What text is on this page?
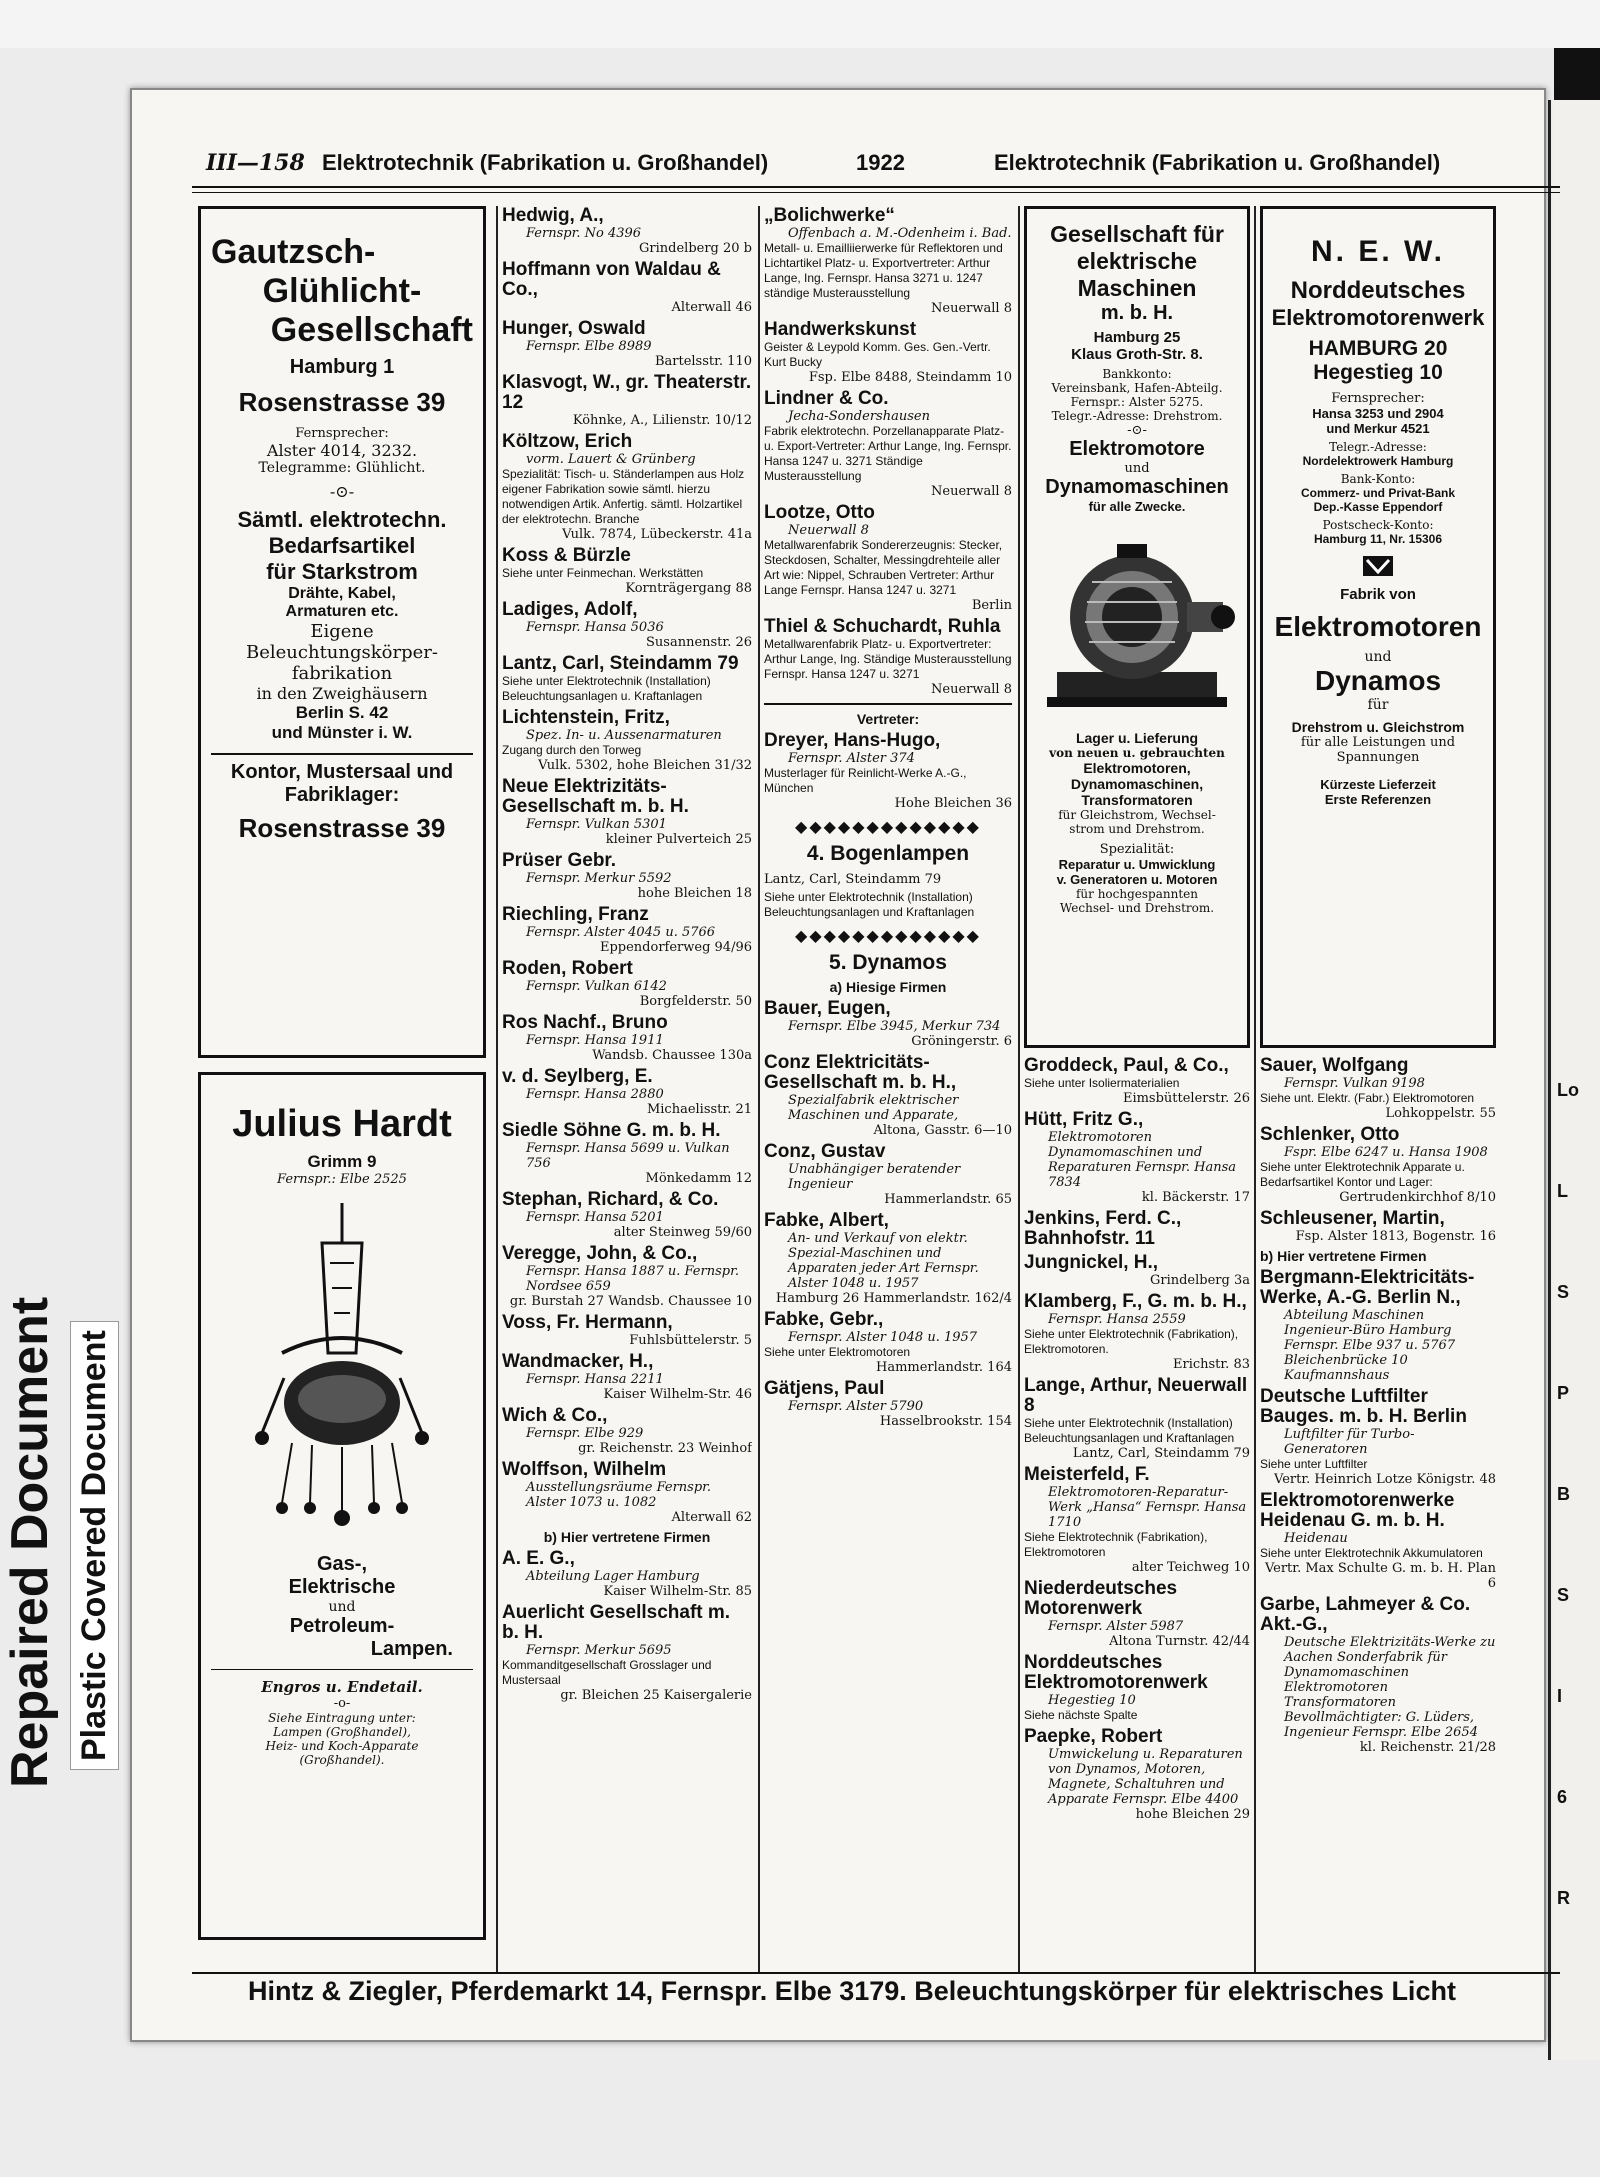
Repaired Document Plastic Covered Document
Lo
L
S
P
B
S
I
6
R
III—158 Elektrotechnik (Fabrikation u. Großhandel)	1922	Elektrotechnik (Fabrikation u. Großhandel)
Gautzsch-
Glühlicht-
Gesellschaft
Hamburg 1
Rosenstrasse 39
Fernsprecher:
Alster 4014, 3232.
Telegramme: Glühlicht.
-⊙-
Sämtl. elektrotechn.
Bedarfsartikel
für Starkstrom
Drähte, Kabel,
Armaturen etc.
Eigene
Beleuchtungskörper-
fabrikation
in den Zweighäusern
Berlin S. 42
und Münster i. W.
Kontor, Mustersaal und
Fabriklager:
Rosenstrasse 39
Julius Hardt
Grimm 9
Fernspr.: Elbe 2525
Gas-,
Elektrische
und
Petroleum-
Lampen.
Engros u. Endetail.
-o-
Siehe Eintragung unter:
Lampen (Großhandel),
Heiz- und Koch-Apparate
(Großhandel).
Hedwig, A.,
Fernspr. No 4396
Grindelberg 20 b
Hoffmann von Waldau & Co.,
Alterwall 46
Hunger, Oswald
Fernspr. Elbe 8989
Bartelsstr. 110
Klasvogt, W., gr. Theaterstr. 12
Köhnke, A., Lilienstr. 10/12
Költzow, Erich
vorm. Lauert & Grünberg
Spezialität: Tisch- u. Ständerlampen aus Holz eigener Fabrikation sowie sämtl. hierzu notwendigen Artik. Anfertig. sämtl. Holzartikel der elektrotechn. Branche
Vulk. 7874, Lübeckerstr. 41a
Koss & Bürzle
Siehe unter Feinmechan. Werkstätten
Kornträgergang 88
Ladiges, Adolf,
Fernspr. Hansa 5036
Susannenstr. 26
Lantz, Carl, Steindamm 79
Siehe unter Elektrotechnik (Installation) Beleuchtungsanlagen u. Kraftanlagen
Lichtenstein, Fritz,
Spez. In- u. Aussenarmaturen
Zugang durch den Torweg
Vulk. 5302, hohe Bleichen 31/32
Neue Elektrizitäts-Gesellschaft m. b. H.
Fernspr. Vulkan 5301
kleiner Pulverteich 25
Prüser Gebr.
Fernspr. Merkur 5592
hohe Bleichen 18
Riechling, Franz
Fernspr. Alster 4045 u. 5766
Eppendorferweg 94/96
Roden, Robert
Fernspr. Vulkan 6142
Borgfelderstr. 50
Ros Nachf., Bruno
Fernspr. Hansa 1911
Wandsb. Chaussee 130a
v. d. Seylberg, E.
Fernspr. Hansa 2880
Michaelisstr. 21
Siedle Söhne G. m. b. H.
Fernspr. Hansa 5699 u. Vulkan 756
Mönkedamm 12
Stephan, Richard, & Co.
Fernspr. Hansa 5201
alter Steinweg 59/60
Veregge, John, & Co.,
Fernspr. Hansa 1887 u. Fernspr. Nordsee 659
gr. Burstah 27 Wandsb. Chaussee 10
Voss, Fr. Hermann,
Fuhlsbüttelerstr. 5
Wandmacker, H.,
Fernspr. Hansa 2211
Kaiser Wilhelm-Str. 46
Wich & Co.,
Fernspr. Elbe 929
gr. Reichenstr. 23 Weinhof
Wolffson, Wilhelm
Ausstellungsräume Fernspr. Alster 1073 u. 1082
Alterwall 62
b) Hier vertretene Firmen
A. E. G.,
Abteilung Lager Hamburg
Kaiser Wilhelm-Str. 85
Auerlicht Gesellschaft m. b. H.
Fernspr. Merkur 5695
Kommanditgesellschaft Grosslager und Mustersaal
gr. Bleichen 25 Kaisergalerie
„Bolichwerke“
Offenbach a. M.-Odenheim i. Bad.
Metall- u. Emailliierwerke für Reflektoren und Lichtartikel Platz- u. Exportvertreter: Arthur Lange, Ing. Fernspr. Hansa 3271 u. 1247 ständige Musterausstellung
Neuerwall 8
Handwerkskunst
Geister & Leypold Komm. Ges. Gen.-Vertr. Kurt Bucky
Fsp. Elbe 8488, Steindamm 10
Lindner & Co.
Jecha-Sondershausen
Fabrik elektrotechn. Porzellanapparate Platz- u. Export-Vertreter: Arthur Lange, Ing. Fernspr. Hansa 1247 u. 3271 Ständige Musterausstellung
Neuerwall 8
Lootze, Otto
Neuerwall 8
Metallwarenfabrik Sondererzeugnis: Stecker, Steckdosen, Schalter, Messingdrehteile aller Art wie: Nippel, Schrauben Vertreter: Arthur Lange Fernspr. Hansa 1247 u. 3271
Berlin
Thiel & Schuchardt, Ruhla
Metallwarenfabrik Platz- u. Exportvertreter: Arthur Lange, Ing. Ständige Musterausstellung Fernspr. Hansa 1247 u. 3271
Neuerwall 8
Vertreter:
Dreyer, Hans-Hugo,
Fernspr. Alster 374
Musterlager für Reinlicht-Werke A.-G., München
Hohe Bleichen 36
◆◆◆◆◆◆◆◆◆◆◆◆◆
4. Bogenlampen
Lantz, Carl, Steindamm 79
Siehe unter Elektrotechnik (Installation) Beleuchtungsanlagen und Kraftanlagen
◆◆◆◆◆◆◆◆◆◆◆◆◆
5. Dynamos
a) Hiesige Firmen
Bauer, Eugen,
Fernspr. Elbe 3945, Merkur 734
Gröningerstr. 6
Conz Elektricitäts-Gesellschaft m. b. H.,
Spezialfabrik elektrischer Maschinen und Apparate,
Altona, Gasstr. 6—10
Conz, Gustav
Unabhängiger beratender Ingenieur
Hammerlandstr. 65
Fabke, Albert,
An- und Verkauf von elektr. Spezial-Maschinen und Apparaten jeder Art Fernspr. Alster 1048 u. 1957
Hamburg 26 Hammerlandstr. 162/4
Fabke, Gebr.,
Fernspr. Alster 1048 u. 1957
Siehe unter Elektromotoren
Hammerlandstr. 164
Gätjens, Paul
Fernspr. Alster 5790
Hasselbrookstr. 154
Gesellschaft für
elektrische Maschinen
m. b. H.
Hamburg 25
Klaus Groth-Str. 8.
Bankkonto:
Vereinsbank, Hafen-Abteilg.
Fernspr.: Alster 5275.
Telegr.-Adresse: Drehstrom.
-⊙-
Elektromotore
und
Dynamomaschinen
für alle Zwecke.
Lager u. Lieferung
von neuen u. gebrauchten
Elektromotoren,
Dynamomaschinen,
Transformatoren
für Gleichstrom, Wechsel-
strom und Drehstrom.
Spezialität:
Reparatur u. Umwicklung
v. Generatoren u. Motoren
für hochgespannten
Wechsel- und Drehstrom.
Groddeck, Paul, & Co.,
Siehe unter Isoliermaterialien
Eimsbüttelerstr. 26
Hütt, Fritz G.,
Elektromotoren Dynamomaschinen und Reparaturen Fernspr. Hansa 7834
kl. Bäckerstr. 17
Jenkins, Ferd. C., Bahnhofstr. 11
Jungnickel, H.,
Grindelberg 3a
Klamberg, F., G. m. b. H.,
Fernspr. Hansa 2559
Siehe unter Elektrotechnik (Fabrikation), Elektromotoren.
Erichstr. 83
Lange, Arthur, Neuerwall 8
Siehe unter Elektrotechnik (Installation) Beleuchtungsanlagen und Kraftanlagen
Lantz, Carl, Steindamm 79
Meisterfeld, F.
Elektromotoren-Reparatur-Werk „Hansa“ Fernspr. Hansa 1710
Siehe Elektrotechnik (Fabrikation), Elektromotoren
alter Teichweg 10
Niederdeutsches Motorenwerk
Fernspr. Alster 5987
Altona Turnstr. 42/44
Norddeutsches Elektromotorenwerk
Hegestieg 10
Siehe nächste Spalte
Paepke, Robert
Umwickelung u. Reparaturen von Dynamos, Motoren, Magnete, Schaltuhren und Apparate Fernspr. Elbe 4400
hohe Bleichen 29
N. E. W.
Norddeutsches
Elektromotorenwerk
HAMBURG 20
Hegestieg 10
Fernsprecher:
Hansa 3253 und 2904
und Merkur 4521
Telegr.-Adresse:
Nordelektrowerk Hamburg
Bank-Konto:
Commerz- und Privat-Bank
Dep.-Kasse Eppendorf
Postscheck-Konto:
Hamburg 11, Nr. 15306
Fabrik von
Elektromotoren
und
Dynamos
für
Drehstrom u. Gleichstrom
für alle Leistungen und
Spannungen
Kürzeste Lieferzeit
Erste Referenzen
Sauer, Wolfgang
Fernspr. Vulkan 9198
Siehe unt. Elektr. (Fabr.) Elektromotoren
Lohkoppelstr. 55
Schlenker, Otto
Fspr. Elbe 6247 u. Hansa 1908
Siehe unter Elektrotechnik Apparate u. Bedarfsartikel Kontor und Lager:
Gertrudenkirchhof 8/10
Schleusener, Martin,
Fsp. Alster 1813, Bogenstr. 16
b) Hier vertretene Firmen
Bergmann-Elektricitäts-Werke, A.-G. Berlin N.,
Abteilung Maschinen Ingenieur-Büro Hamburg Fernspr. Elbe 937 u. 5767 Bleichenbrücke 10 Kaufmannshaus
Deutsche Luftfilter Bauges. m. b. H. Berlin
Luftfilter für Turbo-Generatoren
Siehe unter Luftfilter
Vertr. Heinrich Lotze Königstr. 48
Elektromotorenwerke Heidenau G. m. b. H.
Heidenau
Siehe unter Elektrotechnik Akkumulatoren
Vertr. Max Schulte G. m. b. H. Plan 6
Garbe, Lahmeyer & Co. Akt.-G.,
Deutsche Elektrizitäts-Werke zu Aachen Sonderfabrik für Dynamomaschinen Elektromotoren Transformatoren Bevollmächtigter: G. Lüders, Ingenieur Fernspr. Elbe 2654
kl. Reichenstr. 21/28
Hintz & Ziegler, Pferdemarkt 14, Fernspr. Elbe 3179. Beleuchtungskörper für elektrisches Licht
